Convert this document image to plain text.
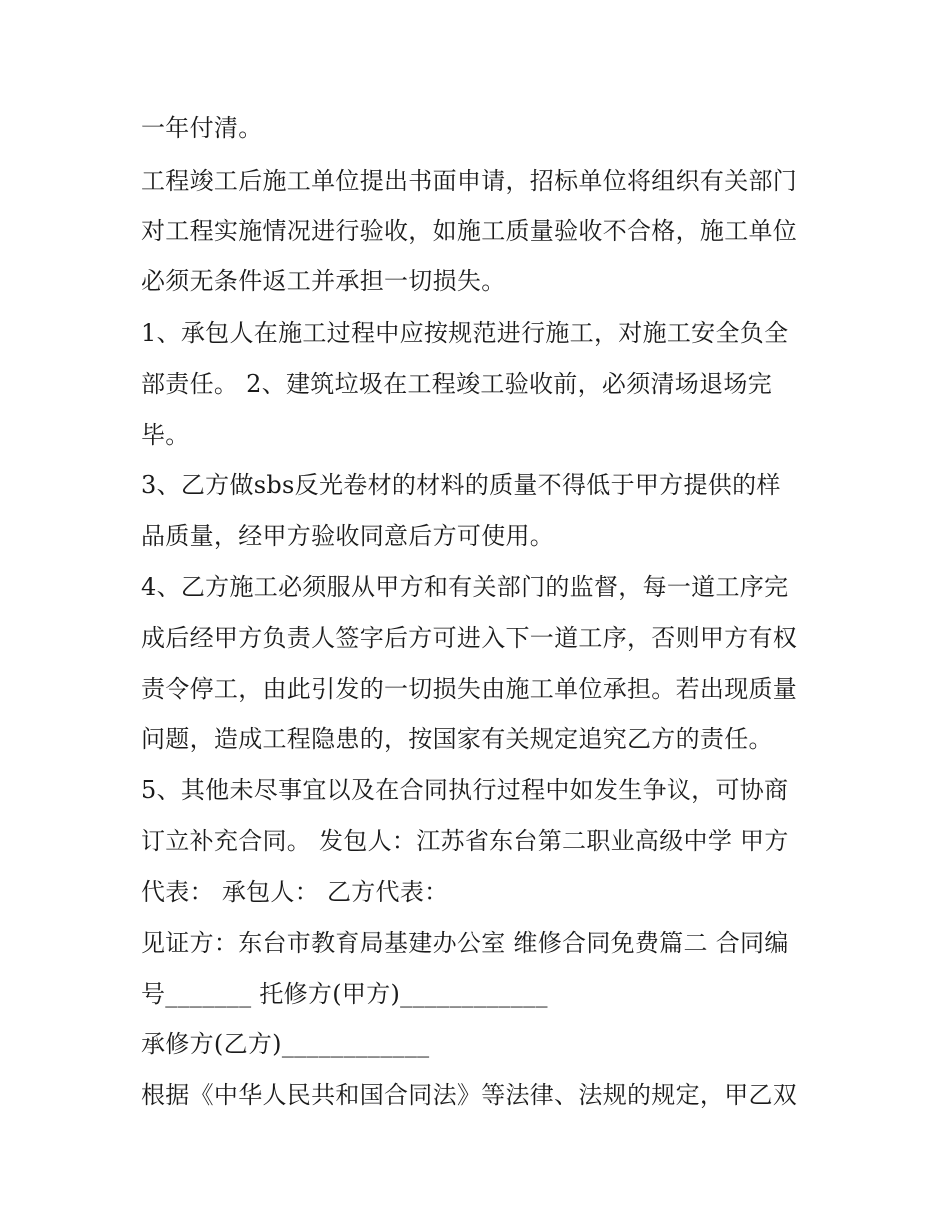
一年付清。
工程竣工后施工单位提出书面申请，招标单位将组织有关部门
对工程实施情况进行验收，如施工质量验收不合格，施工单位
必须无条件返工并承担一切损失。
1、承包人在施工过程中应按规范进行施工，对施工安全负全
部责任。 2、建筑垃圾在工程竣工验收前，必须清场退场完
毕。
3、乙方做sbs反光卷材的材料的质量不得低于甲方提供的样
品质量，经甲方验收同意后方可使用。
4、乙方施工必须服从甲方和有关部门的监督，每一道工序完
成后经甲方负责人签字后方可进入下一道工序，否则甲方有权
责令停工，由此引发的一切损失由施工单位承担。若出现质量
问题，造成工程隐患的，按国家有关规定追究乙方的责任。
5、其他未尽事宜以及在合同执行过程中如发生争议，可协商
订立补充合同。 发包人：江苏省东台第二职业高级中学 甲方
代表： 承包人： 乙方代表：
见证方：东台市教育局基建办公室 维修合同免费篇二 合同编
号_______ 托修方(甲方)____________
承修方(乙方)____________
根据《中华人民共和国合同法》等法律、法规的规定，甲乙双
